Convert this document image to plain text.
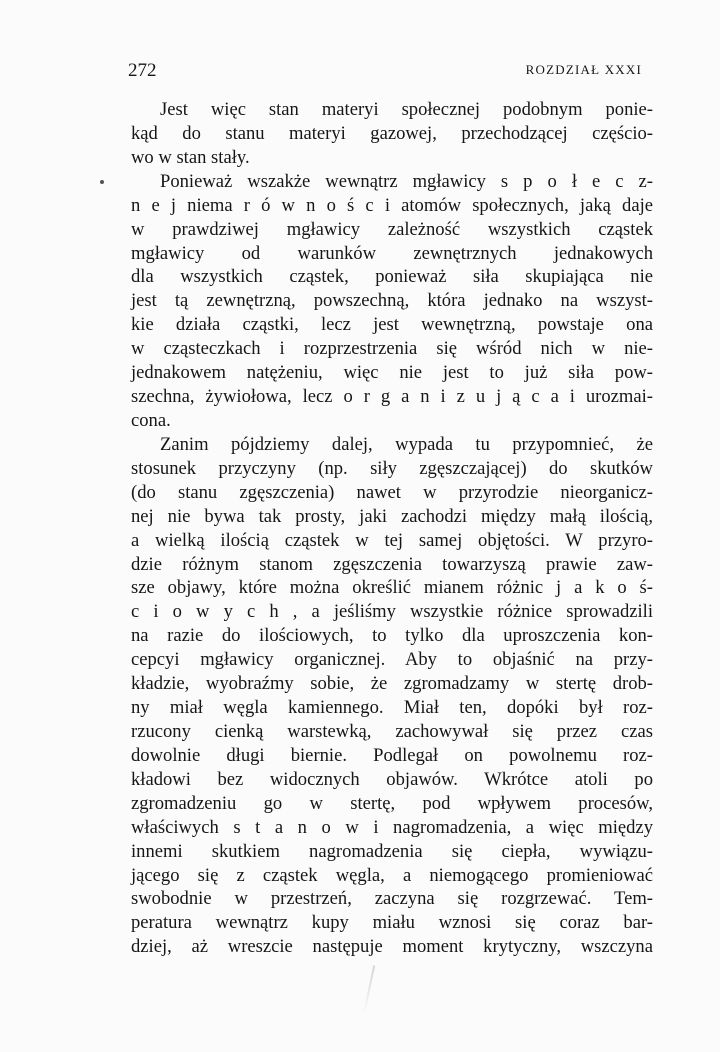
272	ROZDZIAŁ XXXI
Jest więc stan materyi społecznej podobnym ponie-
kąd do stanu materyi gazowej, przechodzącej częścio-
wo w stan stały.
Ponieważ wszakże wewnątrz mgławicy s p o ł e c z-
n e j niema r ó w n o ś c i atomów społecznych, jaką daje
w prawdziwej mgławicy zależność wszystkich cząstek
mgławicy od warunków zewnętrznych jednakowych
dla wszystkich cząstek, ponieważ siła skupiająca nie
jest tą zewnętrzną, powszechną, która jednako na wszyst-
kie działa cząstki, lecz jest wewnętrzną, powstaje ona
w cząsteczkach i rozprzestrzenia się wśród nich w nie-
jednakowem natężeniu, więc nie jest to już siła pow-
szechna, żywiołowa, lecz o r g a n i z u j ą c a i urozmai-
cona.
Zanim pójdziemy dalej, wypada tu przypomnieć, że
stosunek przyczyny (np. siły zgęszczającej) do skutków
(do stanu zgęszczenia) nawet w przyrodzie nieorganicz-
nej nie bywa tak prosty, jaki zachodzi między małą ilością,
a wielką ilością cząstek w tej samej objętości. W przyro-
dzie różnym stanom zgęszczenia towarzyszą prawie zaw-
sze objawy, które można określić mianem różnic j a k o ś-
c i o w y c h , a jeśliśmy wszystkie różnice sprowadzili
na razie do ilościowych, to tylko dla uproszczenia kon-
cepcyi mgławicy organicznej. Aby to objaśnić na przy-
kładzie, wyobraźmy sobie, że zgromadzamy w stertę drob-
ny miał węgla kamiennego. Miał ten, dopóki był roz-
rzucony cienką warstewką, zachowywał się przez czas
dowolnie długi biernie. Podlegał on powolnemu roz-
kładowi bez widocznych objawów. Wkrótce atoli po
zgromadzeniu go w stertę, pod wpływem procesów,
właściwych s t a n o w i nagromadzenia, a więc między
innemi skutkiem nagromadzenia się ciepła, wywiązu-
jącego się z cząstek węgla, a niemogącego promieniować
swobodnie w przestrzeń, zaczyna się rozgrzewać. Tem-
peratura wewnątrz kupy miału wznosi się coraz bar-
dziej, aż wreszcie następuje moment krytyczny, wszczyna
